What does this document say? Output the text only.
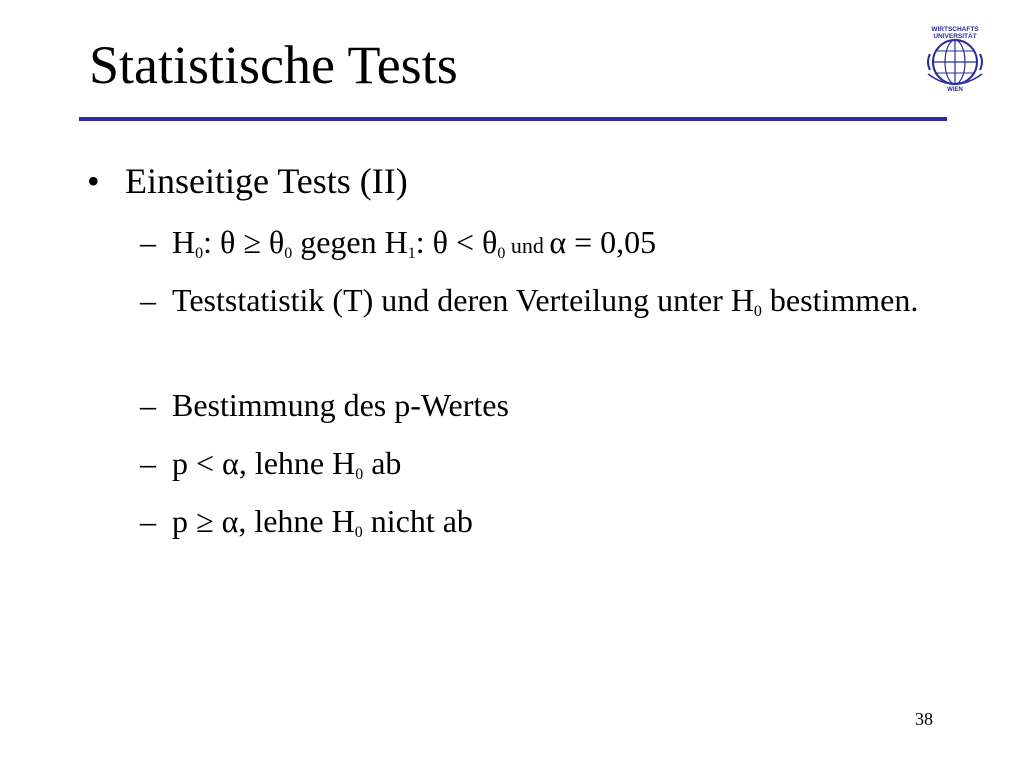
Statistische Tests
WIRTSCHAFTS
UNIVERSITÄT
WIEN
• Einseitige Tests (II)
– $H_0$: $\theta \ge \theta_0$ gegen $H_1$: $\theta < \theta_0$ und α = 0,05
– Teststatistik (T) und deren Verteilung unter $H_0$ bestimmen.
– Bestimmung des p-Wertes
– p < α, lehne $H_0$ ab
– p ≥ α, lehne $H_0$ nicht ab
38
